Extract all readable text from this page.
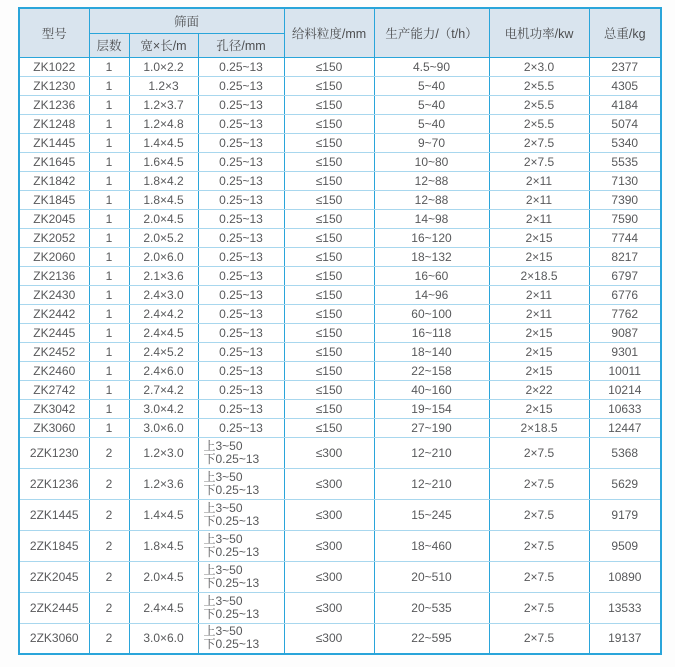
型号	筛面			给料粒度/mm	生产能力/（t/h）	电机功率/kw	总重/kg
	层数	宽×长/m	孔径/mm				
ZK1022	1	1.0×2.2	0.25~13	≤150	4.5~90	2×3.0	2377
ZK1230	1	1.2×3	0.25~13	≤150	5~40	2×5.5	4305
ZK1236	1	1.2×3.7	0.25~13	≤150	5~40	2×5.5	4184
ZK1248	1	1.2×4.8	0.25~13	≤150	5~40	2×5.5	5074
ZK1445	1	1.4×4.5	0.25~13	≤150	9~70	2×7.5	5340
ZK1645	1	1.6×4.5	0.25~13	≤150	10~80	2×7.5	5535
ZK1842	1	1.8×4.2	0.25~13	≤150	12~88	2×11	7130
ZK1845	1	1.8×4.5	0.25~13	≤150	12~88	2×11	7390
ZK2045	1	2.0×4.5	0.25~13	≤150	14~98	2×11	7590
ZK2052	1	2.0×5.2	0.25~13	≤150	16~120	2×15	7744
ZK2060	1	2.0×6.0	0.25~13	≤150	18~132	2×15	8217
ZK2136	1	2.1×3.6	0.25~13	≤150	16~60	2×18.5	6797
ZK2430	1	2.4×3.0	0.25~13	≤150	14~96	2×11	6776
ZK2442	1	2.4×4.2	0.25~13	≤150	60~100	2×11	7762
ZK2445	1	2.4×4.5	0.25~13	≤150	16~118	2×15	9087
ZK2452	1	2.4×5.2	0.25~13	≤150	18~140	2×15	9301
ZK2460	1	2.4×6.0	0.25~13	≤150	22~158	2×15	10011
ZK2742	1	2.7×4.2	0.25~13	≤150	40~160	2×22	10214
ZK3042	1	3.0×4.2	0.25~13	≤150	19~154	2×15	10633
ZK3060	1	3.0×6.0	0.25~13	≤150	27~190	2×18.5	12447
2ZK1230	2	1.2×3.0	上3~50
下0.25~13	≤300	12~210	2×7.5	5368
2ZK1236	2	1.2×3.6	上3~50
下0.25~13	≤300	12~210	2×7.5	5629
2ZK1445	2	1.4×4.5	上3~50
下0.25~13	≤300	15~245	2×7.5	9179
2ZK1845	2	1.8×4.5	上3~50
下0.25~13	≤300	18~460	2×7.5	9509
2ZK2045	2	2.0×4.5	上3~50
下0.25~13	≤300	20~510	2×7.5	10890
2ZK2445	2	2.4×4.5	上3~50
下0.25~13	≤300	20~535	2×7.5	13533
2ZK3060	2	3.0×6.0	上3~50
下0.25~13	≤300	22~595	2×7.5	19137
